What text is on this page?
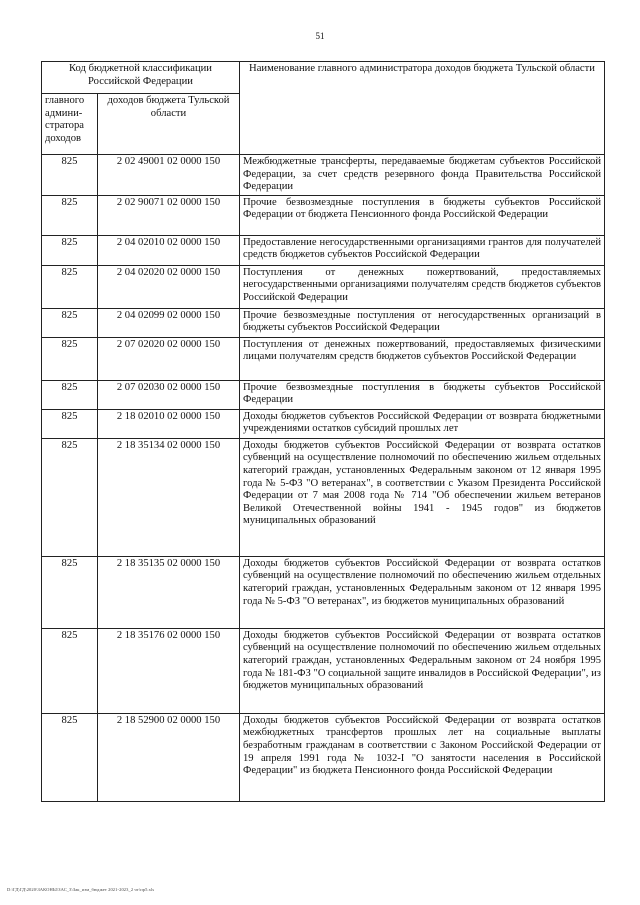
51
Код бюджетной классификации Российской Федерации		Наименование главного администратора доходов бюджета Тульской области
главного админи-стратора доходов	доходов бюджета Тульской области	
825	2 02 49001 02 0000 150	Межбюджетные трансферты, передаваемые бюджетам субъектов Российской Федерации, за счет средств резервного фонда Правительства Российской Федерации
825	2 02 90071 02 0000 150	Прочие безвозмездные поступления в бюджеты субъектов Российской Федерации от бюджета Пенсионного фонда Российской Федерации
825	2 04 02010 02 0000 150	Предоставление негосударственными организациями грантов для получателей средств бюджетов субъектов Российской Федерации
825	2 04 02020 02 0000 150	Поступления от денежных пожертвований, предоставляемых негосударственными организациями получателям средств бюджетов субъектов Российской Федерации
825	2 04 02099 02 0000 150	Прочие безвозмездные поступления от негосударственных организаций в бюджеты субъектов Российской Федерации
825	2 07 02020 02 0000 150	Поступления от денежных пожертвований, предоставляемых физическими лицами получателям средств бюджетов субъектов Российской Федерации
825	2 07 02030 02 0000 150	Прочие безвозмездные поступления в бюджеты субъектов Российской Федерации
825	2 18 02010 02 0000 150	Доходы бюджетов субъектов Российской Федерации от возврата бюджетными учреждениями остатков субсидий прошлых лет
825	2 18 35134 02 0000 150	Доходы бюджетов субъектов Российской Федерации от возврата остатков субвенций на осуществление полномочий по обеспечению жильем отдельных категорий граждан, установленных Федеральным законом от 12 января 1995 года № 5-ФЗ "О ветеранах", в соответствии с Указом Президента Российской Федерации от 7 мая 2008 года № 714 "Об обеспечении жильем ветеранов Великой Отечественной войны 1941 - 1945 годов" из бюджетов муниципальных образований
825	2 18 35135 02 0000 150	Доходы бюджетов субъектов Российской Федерации от возврата остатков субвенций на осуществление полномочий по обеспечению жильем отдельных категорий граждан, установленных Федеральным законом от 12 января 1995 года № 5-ФЗ "О ветеранах", из бюджетов муниципальных образований
825	2 18 35176 02 0000 150	Доходы бюджетов субъектов Российской Федерации от возврата остатков субвенций на осуществление полномочий по обеспечению жильем отдельных категорий граждан, установленных Федеральным законом от 24 ноября 1995 года № 181-ФЗ "О социальной защите инвалидов в Российской Федерации", из бюджетов муниципальных образований
825	2 18 52900 02 0000 150	Доходы бюджетов субъектов Российской Федерации от возврата остатков межбюджетных трансфертов прошлых лет на социальные выплаты безработным гражданам в соответствии с Законом Российской Федерации от 19 апреля 1991 года № 1032-I "О занятости населения в Российской Федерации" из бюджета Пенсионного фонда Российской Федерации
D:\ГД\ГД\2020\ЗАКОНЫ\ЗАС_3\Зак_изм_бюджет 2021-2023_2 чт\пр5.xls
